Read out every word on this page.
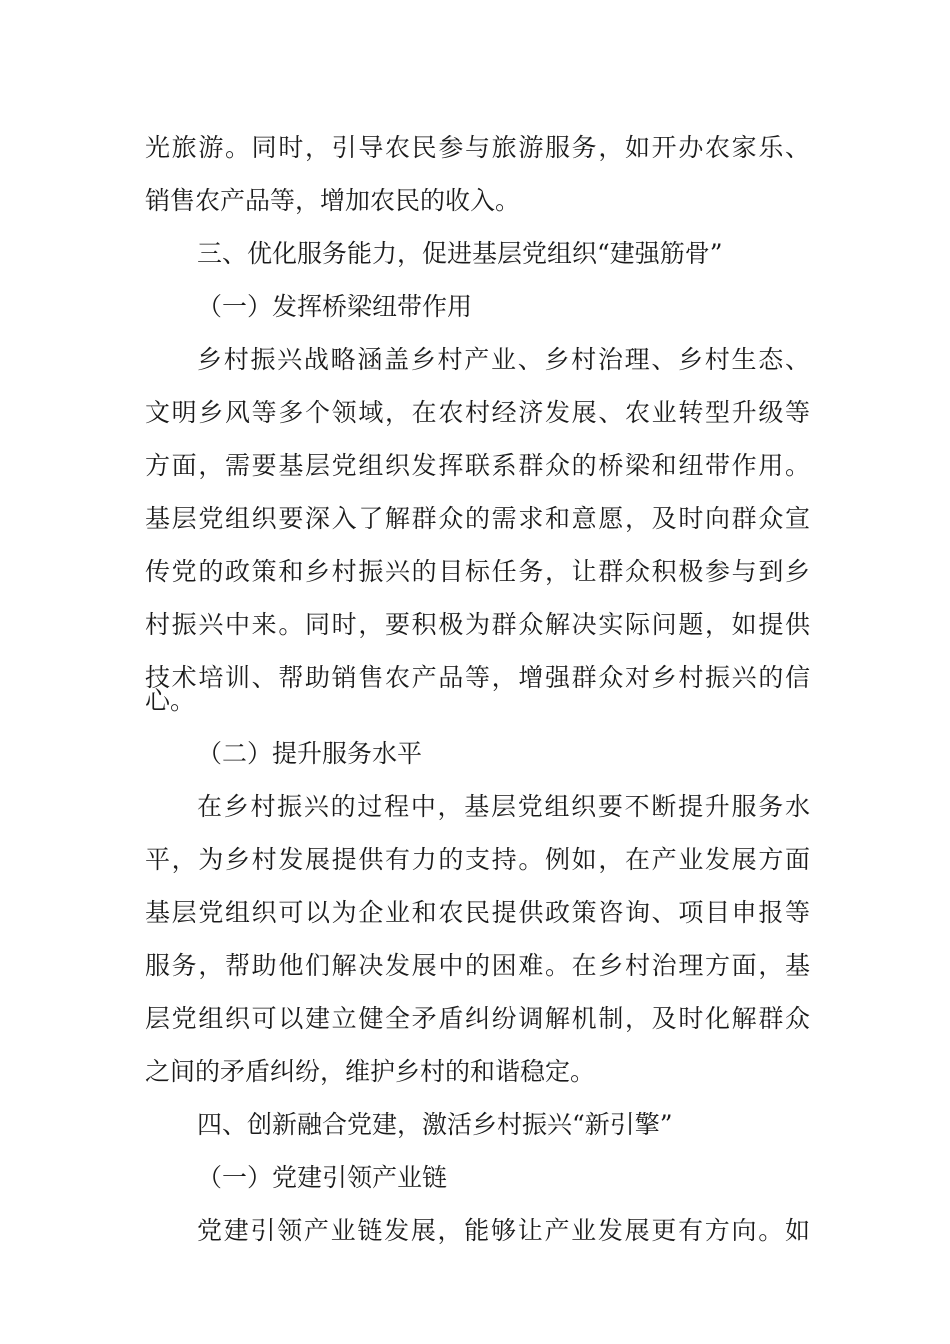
光旅游。同时，引导农民参与旅游服务，如开办农家乐、
销售农产品等，增加农民的收入。
三、优化服务能力，促进基层党组织“建强筋骨”
（一）发挥桥梁纽带作用
乡村振兴战略涵盖乡村产业、乡村治理、乡村生态、
文明乡风等多个领域，在农村经济发展、农业转型升级等
方面，需要基层党组织发挥联系群众的桥梁和纽带作用。
基层党组织要深入了解群众的需求和意愿，及时向群众宣
传党的政策和乡村振兴的目标任务，让群众积极参与到乡
村振兴中来。同时，要积极为群众解决实际问题，如提供
技术培训、帮助销售农产品等，增强群众对乡村振兴的信
心。
（二）提升服务水平
在乡村振兴的过程中，基层党组织要不断提升服务水
平，为乡村发展提供有力的支持。例如，在产业发展方面
基层党组织可以为企业和农民提供政策咨询、项目申报等
服务，帮助他们解决发展中的困难。在乡村治理方面，基
层党组织可以建立健全矛盾纠纷调解机制，及时化解群众
之间的矛盾纠纷，维护乡村的和谐稳定。
四、创新融合党建，激活乡村振兴“新引擎”
（一）党建引领产业链
党建引领产业链发展，能够让产业发展更有方向。如
